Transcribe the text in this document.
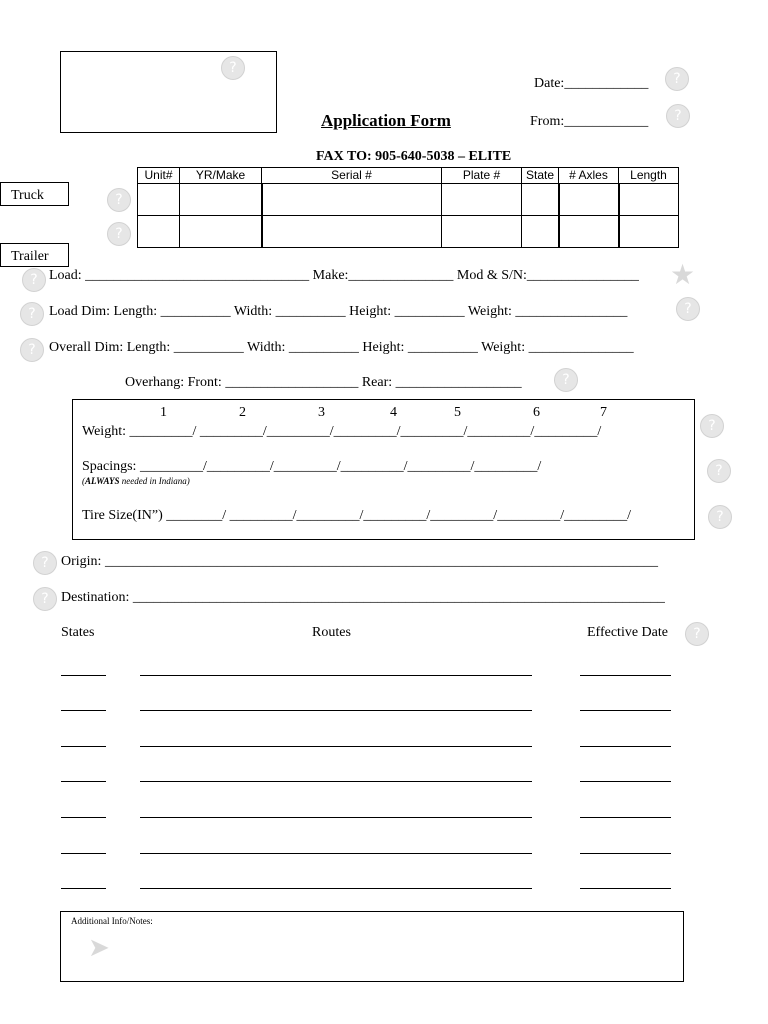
?
Application Form
Date:____________	?
From:____________	?
FAX TO: 905-640-5038 – ELITE
Unit#	YR/Make	Serial #	Plate #	State	# Axles	Length

Truck	?
?
Trailer
? Load: ________________________________ Make:_______________ Mod & S/N:________________ ★
? Load Dim: Length: __________ Width: __________ Height: __________ Weight: ________________	?
? Overall Dim: Length: __________ Width: __________ Height: __________ Weight: _______________
Overhang: Front: ___________________ Rear: __________________	?
1	2	3	4	5	6	7
Weight: _________/ _________/_________/_________/_________/_________/_________/	?
Spacings: _________/_________/_________/_________/_________/_________/
(ALWAYS needed in Indiana)
?
Tire Size(IN”) ________/ _________/_________/_________/_________/_________/_________/	?
? Origin: _______________________________________________________________________________
? Destination: ____________________________________________________________________________
States	Routes	Effective Date	?
Additional Info/Notes:
➤
